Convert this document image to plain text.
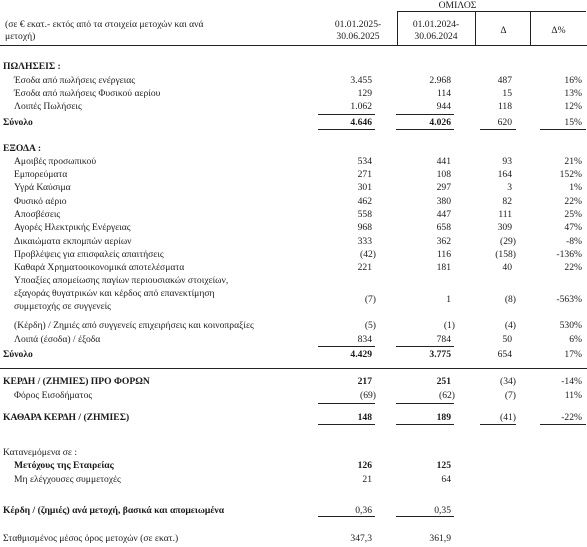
ΟΜΙΛΟΣ
(σε € εκατ.- εκτός από τα στοιχεία μετοχών και ανά
μετοχή)
01.01.2025-
30.06.2025
01.01.2024-
30.06.2024
Δ	Δ%
ΠΩΛΗΣΕΙΣ :
Έσοδα από πωλήσεις ενέργειας	3.455	2.968	487	16%
Έσοδα από πωλήσεις Φυσικού αερίου	129	114	15	13%
Λοιπές Πωλήσεις	1.062	944	118	12%
Σύνολο	4.646	4.026	620	15%
ΕΞΟΔΑ :
Αμοιβές προσωπικού	534	441	93	21%
Εμπορεύματα	271	108	164	152%
Υγρά Καύσιμα	301	297	3	1%
Φυσικό αέριο	462	380	82	22%
Αποσβέσεις	558	447	111	25%
Αγορές Ηλεκτρικής Ενέργειας	968	658	309	47%
Δικαιώματα εκπομπών αερίων	333	362	(29)	-8%
Προβλέψεις για επισφαλείς απαιτήσεις	(42)	116	(158)	-136%
Καθαρά Χρηματοοικονομικά αποτελέσματα	221	181	40	22%
Υποαξίες απομείωσης παγίων περιουσιακών στοιχείων,
εξαγοράς θυγατρικών και κέρδος από επανεκτίμηση
συμμετοχής σε συγγενείς
(7)	1	(8)	-563%
(Κέρδη) / Ζημιές από συγγενείς επιχειρήσεις και κοινοπραξίες	(5)	(1)	(4)	530%
Λοιπά (έσοδα) / έξοδα	834	784	50	6%
Σύνολο	4.429	3.775	654	17%
ΚΕΡΔΗ / (ΖΗΜΙΕΣ) ΠΡΟ ΦΟΡΩΝ	217	251	(34)	-14%
Φόρος Εισοδήματος	(69)	(62)	(7)	11%
ΚΑΘΑΡΑ ΚΕΡΔΗ / (ΖΗΜΙΕΣ)	148	189	(41)	-22%
Κατανεμόμενα σε :
Μετόχους της Εταιρείας	126	125
Μη ελέγχουσες συμμετοχές	21	64
Κέρδη / (ζημιές) ανά μετοχή, βασικά και απομειωμένα	0,36	0,35
Σταθμισμένος μέσος όρος μετοχών (σε εκατ.)	347,3	361,9
